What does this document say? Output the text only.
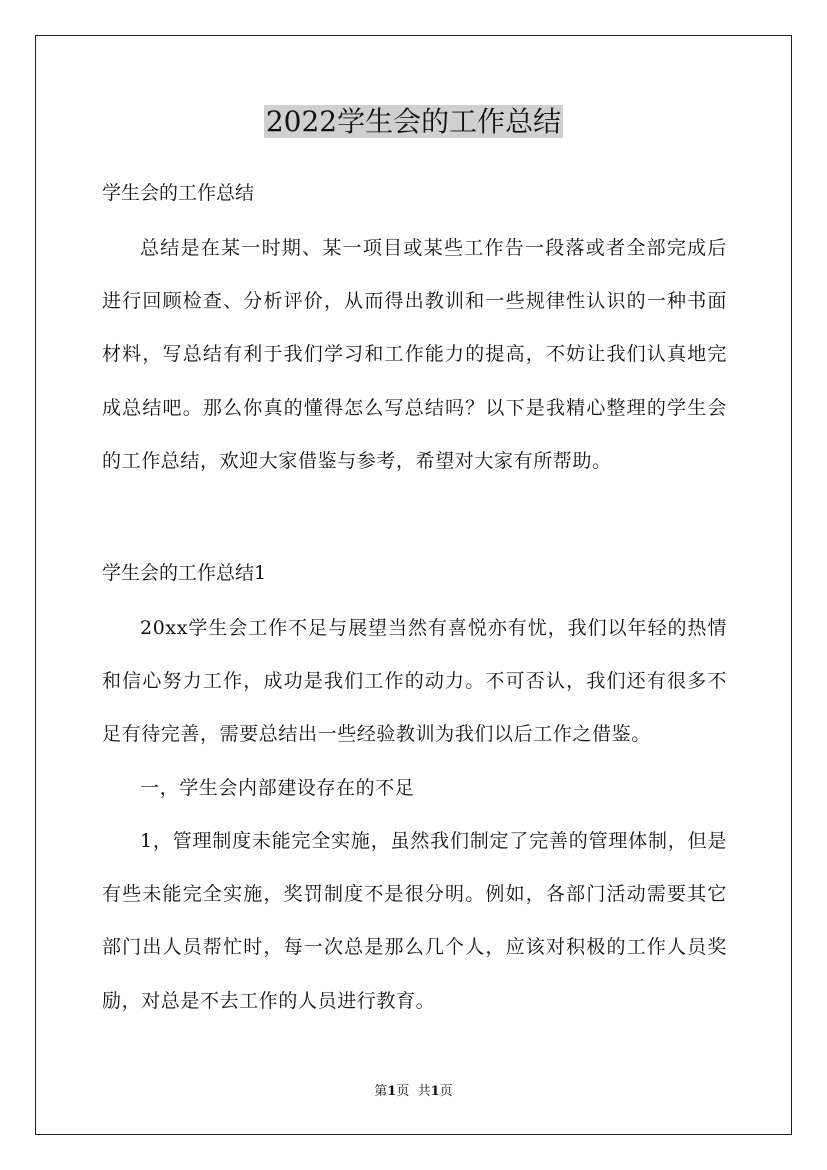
2022学生会的工作总结

学生会的工作总结

总结是在某一时期、某一项目或某些工作告一段落或者全部完成后进行回顾检查、分析评价，从而得出教训和一些规律性认识的一种书面材料，写总结有利于我们学习和工作能力的提高，不妨让我们认真地完成总结吧。那么你真的懂得怎么写总结吗？以下是我精心整理的学生会的工作总结，欢迎大家借鉴与参考，希望对大家有所帮助。

学生会的工作总结1

20xx学生会工作不足与展望当然有喜悦亦有忧，我们以年轻的热情和信心努力工作，成功是我们工作的动力。不可否认，我们还有很多不足有待完善，需要总结出一些经验教训为我们以后工作之借鉴。

一，学生会内部建设存在的不足

1，管理制度未能完全实施，虽然我们制定了完善的管理体制，但是有些未能完全实施，奖罚制度不是很分明。例如，各部门活动需要其它部门出人员帮忙时，每一次总是那么几个人，应该对积极的工作人员奖励，对总是不去工作的人员进行教育。

第1页 共1页
